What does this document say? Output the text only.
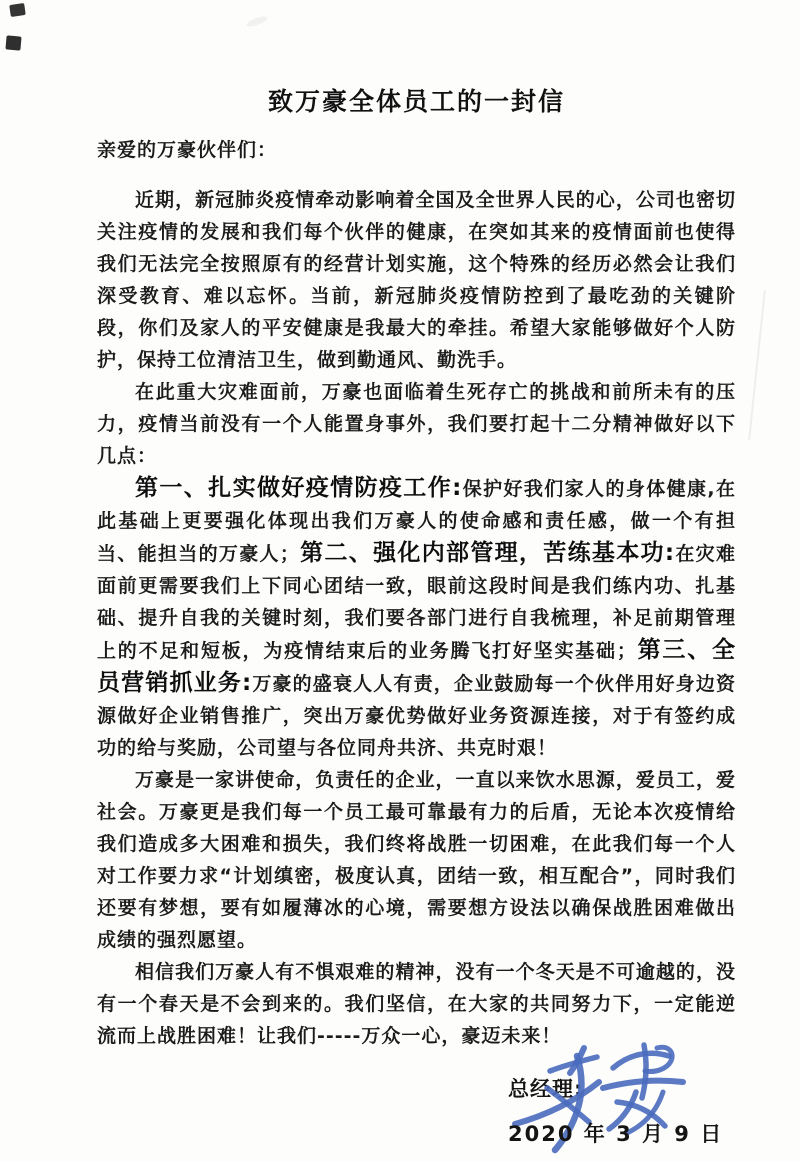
致万豪全体员工的一封信
亲爱的万豪伙伴们：

近期，新冠肺炎疫情牵动影响着全国及全世界人民的心，公司也密切关注疫情的发展和我们每个伙伴的健康，在突如其来的疫情面前也使得我们无法完全按照原有的经营计划实施，这个特殊的经历必然会让我们深受教育、难以忘怀。当前，新冠肺炎疫情防控到了最吃劲的关键阶段，你们及家人的平安健康是我最大的牵挂。希望大家能够做好个人防护，保持工位清洁卫生，做到勤通风、勤洗手。

在此重大灾难面前，万豪也面临着生死存亡的挑战和前所未有的压力，疫情当前没有一个人能置身事外，我们要打起十二分精神做好以下几点：

第一、扎实做好疫情防疫工作:保护好我们家人的身体健康,在此基础上更要强化体现出我们万豪人的使命感和责任感，做一个有担当、能担当的万豪人；第二、强化内部管理，苦练基本功:在灾难面前更需要我们上下同心团结一致，眼前这段时间是我们练内功、扎基础、提升自我的关键时刻，我们要各部门进行自我梳理，补足前期管理上的不足和短板，为疫情结束后的业务腾飞打好坚实基础；第三、全员营销抓业务:万豪的盛衰人人有责，企业鼓励每一个伙伴用好身边资源做好企业销售推广，突出万豪优势做好业务资源连接，对于有签约成功的给与奖励，公司望与各位同舟共济、共克时艰！

万豪是一家讲使命，负责任的企业，一直以来饮水思源，爱员工，爱社会。万豪更是我们每一个员工最可靠最有力的后盾，无论本次疫情给我们造成多大困难和损失，我们终将战胜一切困难，在此我们每一个人对工作要力求“计划缜密，极度认真，团结一致，相互配合”，同时我们还要有梦想，要有如履薄冰的心境，需要想方设法以确保战胜困难做出成绩的强烈愿望。

相信我们万豪人有不惧艰难的精神，没有一个冬天是不可逾越的，没有一个春天是不会到来的。我们坚信，在大家的共同努力下，一定能逆流而上战胜困难！让我们-----万众一心，豪迈未来！

总经理:
2020 年 3 月 9 日
